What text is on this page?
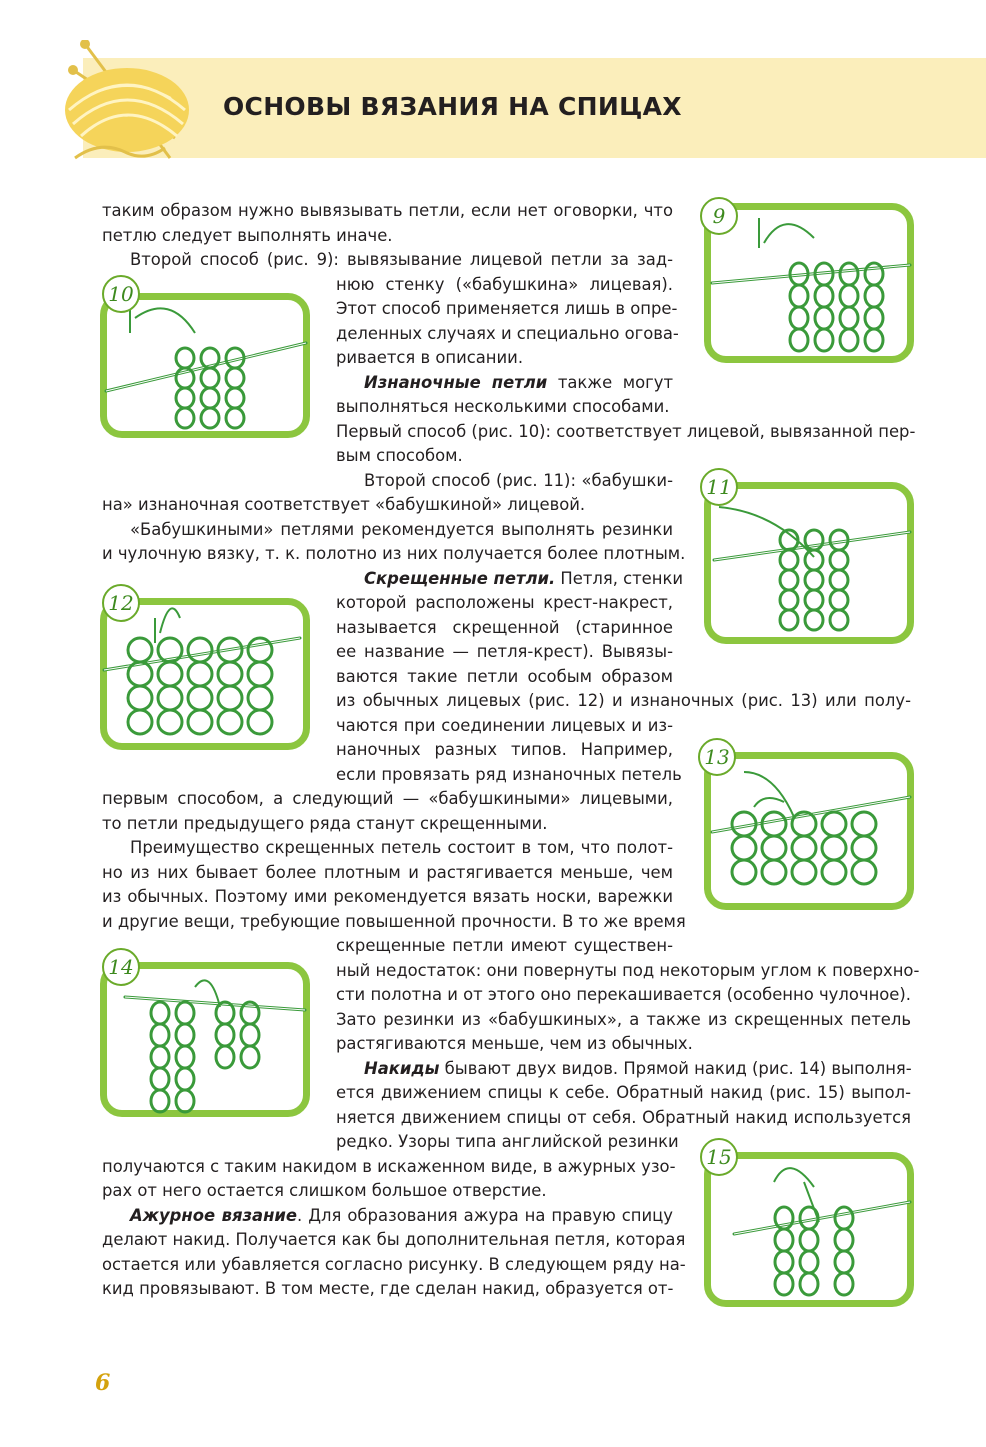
ОСНОВЫ ВЯЗАНИЯ НА СПИЦАХ
таким образом нужно вывязывать петли, если нет оговорки, что
петлю следует выполнять иначе.
Второй способ (рис. 9): вывязывание лицевой петли за зад-
нюю стенку («бабушкина» лицевая).
Этот способ применяется лишь в опре-
деленных случаях и специально огова-
ривается в описании.
Изнаночные петли также могут
выполняться несколькими способами.
Первый способ (рис. 10): соответствует лицевой, вывязанной пер-
вым способом.
Второй способ (рис. 11): «бабушки-
на» изнаночная соответствует «бабушкиной» лицевой.
«Бабушкиными» петлями рекомендуется выполнять резинки
и чулочную вязку, т. к. полотно из них получается более плотным.
Скрещенные петли. Петля, стенки
которой расположены крест-накрест,
называется скрещенной (старинное
ее название — петля-крест). Вывязы-
ваются такие петли особым образом
из обычных лицевых (рис. 12) и изнаночных (рис. 13) или полу-
чаются при соединении лицевых и из-
наночных разных типов. Например,
если провязать ряд изнаночных петель
первым способом, а следующий — «бабушкиными» лицевыми,
то петли предыдущего ряда станут скрещенными.
Преимущество скрещенных петель состоит в том, что полот-
но из них бывает более плотным и растягивается меньше, чем
из обычных. Поэтому ими рекомендуется вязать носки, варежки
и другие вещи, требующие повышенной прочности. В то же время
скрещенные петли имеют существен-
ный недостаток: они повернуты под некоторым углом к поверхно-
сти полотна и от этого оно перекашивается (особенно чулочное).
Зато резинки из «бабушкиных», а также из скрещенных петель
растягиваются меньше, чем из обычных.
Накиды бывают двух видов. Прямой накид (рис. 14) выполня-
ется движением спицы к себе. Обратный накид (рис. 15) выпол-
няется движением спицы от себя. Обратный накид используется
редко. Узоры типа английской резинки
получаются с таким накидом в искаженном виде, в ажурных узо-
рах от него остается слишком большое отверстие.
Ажурное вязание. Для образования ажура на правую спицу
делают накид. Получается как бы дополнительная петля, которая
остается или убавляется согласно рисунку. В следующем ряду на-
кид провязывают. В том месте, где сделан накид, образуется от-
9
10
11
12
13
14
15
6
